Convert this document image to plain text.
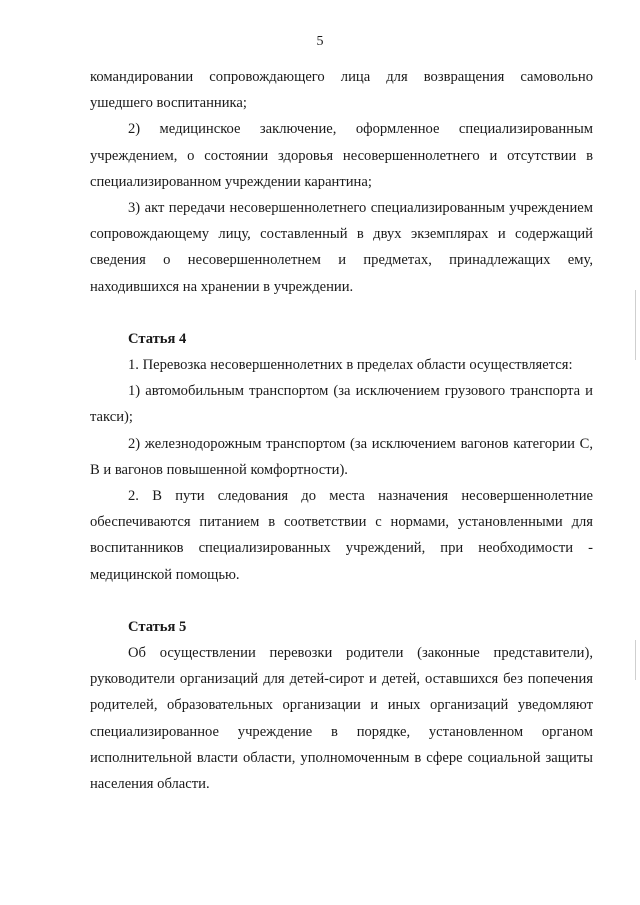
5

командировании сопровождающего лица для возвращения самовольно ушедшего воспитанника;

2) медицинское заключение, оформленное специализированным учреждением, о состоянии здоровья несовершеннолетнего и отсутствии в специализированном учреждении карантина;

3) акт передачи несовершеннолетнего специализированным учреждением сопровождающему лицу, составленный в двух экземплярах и содержащий сведения о несовершеннолетнем и предметах, принадлежащих ему, находившихся на хранении в учреждении.

Статья 4

1. Перевозка несовершеннолетних в пределах области осуществляется:

1) автомобильным транспортом (за исключением грузового транспорта и такси);

2) железнодорожным транспортом (за исключением вагонов категории С, В и вагонов повышенной комфортности).

2. В пути следования до места назначения несовершеннолетние обеспечиваются питанием в соответствии с нормами, установленными для воспитанников специализированных учреждений, при необходимости - медицинской помощью.

Статья 5

Об осуществлении перевозки родители (законные представители), руководители организаций для детей-сирот и детей, оставшихся без попечения родителей, образовательных организации и иных организаций уведомляют специализированное учреждение в порядке, установленном органом исполнительной власти области, уполномоченным в сфере социальной защиты населения области.
